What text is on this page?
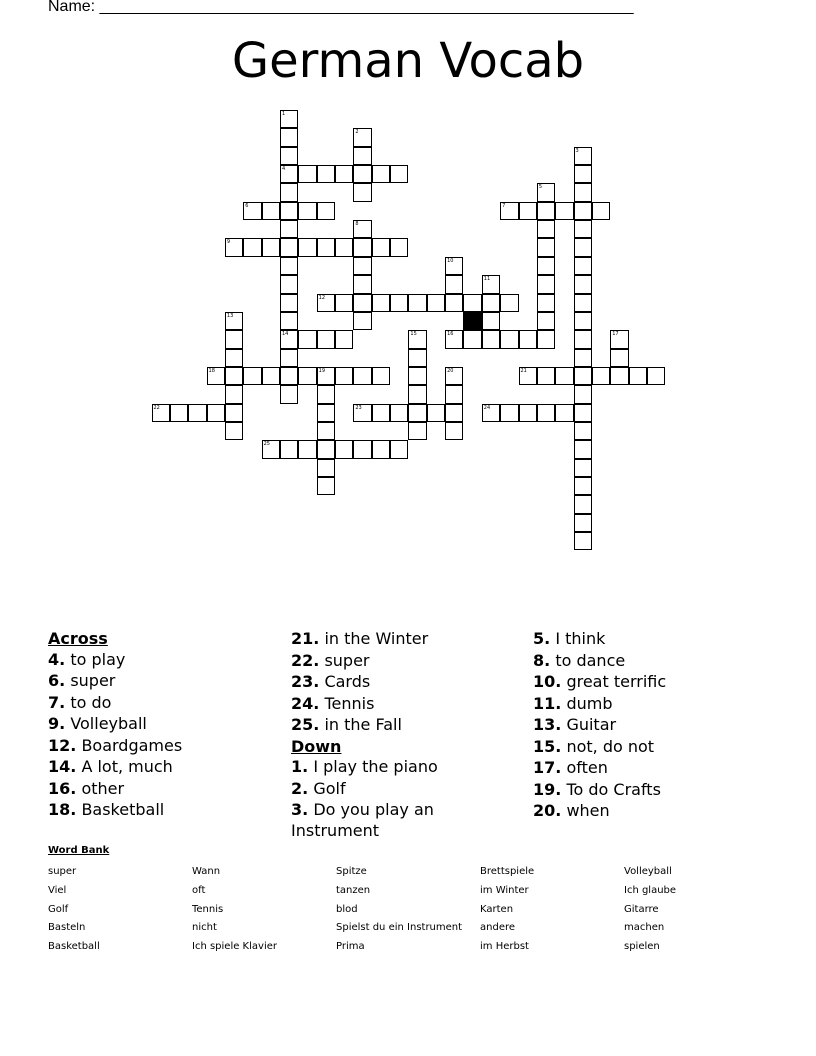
Name: ____________________________________________________________
German Vocab
4
6	7
9
12
14	16
18	19	21
22	23	24
25
1
2
3
5
8
10
11
13
15	17
20
Across
4. to play
6. super
7. to do
9. Volleyball
12. Boardgames
14. A lot, much
16. other
18. Basketball
21. in the Winter
22. super
23. Cards
24. Tennis
25. in the Fall
Down
1. I play the piano
2. Golf
3. Do you play an Instrument
5. I think
8. to dance
10. great terrific
11. dumb
13. Guitar
15. not, do not
17. often
19. To do Crafts
20. when
Word Bank
super
Viel
Golf
Basteln
Basketball
Wann
oft
Tennis
nicht
Ich spiele Klavier
Spitze
tanzen
blod
Spielst du ein Instrument
Prima
Brettspiele
im Winter
Karten
andere
im Herbst
Volleyball
Ich glaube
Gitarre
machen
spielen
